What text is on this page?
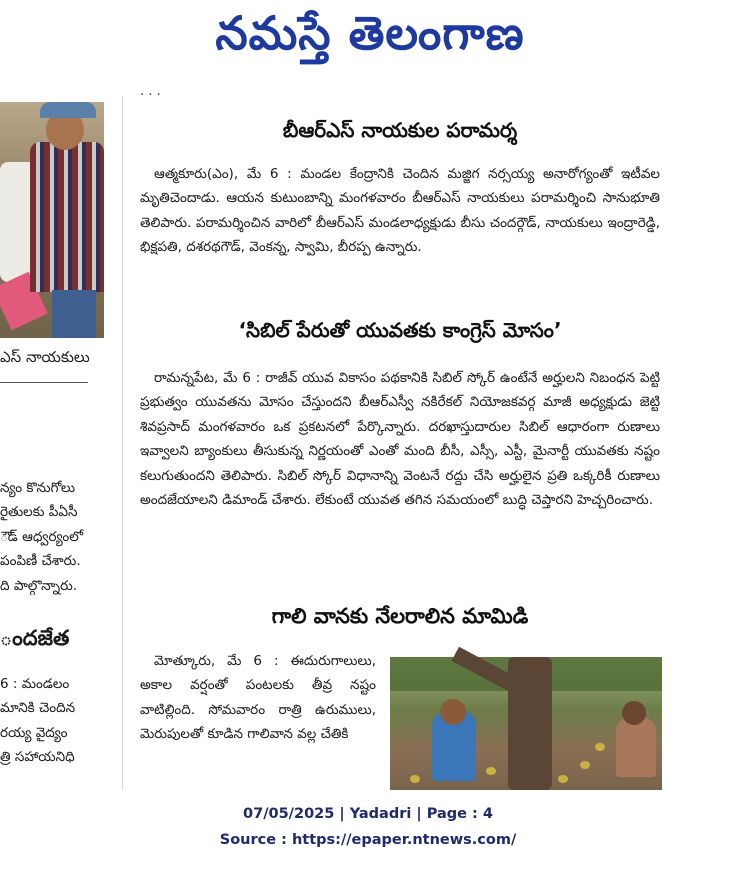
నమస్తే తెలంగాణ
ఎస్ నాయకులు
న్యం కొనుగోలు
రైతులకు పీఏసీ
ౌడ్ ఆధ్వర్యంలో
పంపిణీ చేశారు.
ది పాల్గొన్నారు.
ందజేత
6 : మండలం
మానికి చెందిన
రయ్య వైద్యం
త్రి సహాయనిధి
· · ·
బీఆర్ఎస్ నాయకుల పరామర్శ

ఆత్మకూరు(ఎం), మే 6 : మండల కేంద్రానికి చెందిన మజ్జిగ నర్సయ్య అనారోగ్యంతో ఇటీవల మృతిచెందాడు. ఆయన కుటుంబాన్ని మంగళవారం బీఆర్ఎస్ నాయకులు పరామర్శించి సానుభూతి తెలిపారు. పరామర్శించిన వారిలో బీఆర్ఎస్ మండలాధ్యక్షుడు బీసు చందర్గౌడ్, నాయకులు ఇంద్రారెడ్డి, భిక్షపతి, దశరథగౌడ్, వెంకన్న, స్వామి, బీరప్ప ఉన్నారు.

‘సిబిల్ పేరుతో యువతకు కాంగ్రెస్ మోసం’

రామన్నపేట, మే 6 : రాజీవ్ యువ వికాసం పథకానికి సిబిల్ స్కోర్ ఉంటేనే అర్హులని నిబంధన పెట్టి ప్రభుత్వం యువతను మోసం చేస్తుందని బీఆర్ఎస్వీ నకిరేకల్ నియోజకవర్గ మాజీ అధ్యక్షుడు జెట్టి శివప్రసాద్ మంగళవారం ఒక ప్రకటనలో పేర్కొన్నారు. దరఖాస్తుదారుల సిబిల్ ఆధారంగా రుణాలు ఇవ్వాలని బ్యాంకులు తీసుకున్న నిర్ణయంతో ఎంతో మంది బీసీ, ఎస్సీ, ఎస్టీ, మైనార్టీ యువతకు నష్టం కలుగుతుందని తెలిపారు. సిబిల్ స్కోర్ విధానాన్ని వెంటనే రద్దు చేసి అర్హులైన ప్రతి ఒక్కరికీ రుణాలు అందజేయాలని డిమాండ్ చేశారు. లేకుంటే యువత తగిన సమయంలో బుద్ధి చెప్తారని హెచ్చరించారు.

గాలి వానకు నేలరాలిన మామిడి

మోత్కూరు, మే 6 : ఈదురుగాలులు, అకాల వర్షంతో పంటలకు తీవ్ర నష్టం వాటిల్లింది. సోమవారం రాత్రి ఉరుములు, మెరుపులతో కూడిన గాలివాన వల్ల చేతికి

07/05/2025 | Yadadri | Page : 4
Source : https://epaper.ntnews.com/
